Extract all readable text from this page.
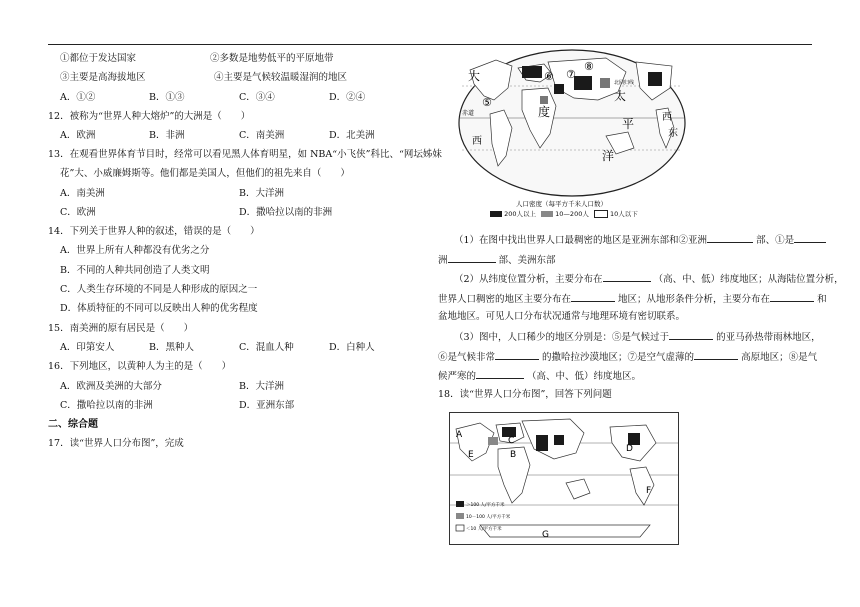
①都位于发达国家	②多数是地势低平的平原地带
③主要是高海拔地区	④主要是气候较温暖湿润的地区
A．①②	B．①③	C．③④	D．②④
12．被称为“世界人种大熔炉”的大洲是（　　）
A．欧洲	B．非洲	C．南美洲	D．北美洲
13．在观看世界体育节目时，经常可以看见黑人体育明星，如 NBA“小飞侠”科比、“网坛姊妹
花”大、小威廉姆斯等。他们都是美国人，但他们的祖先来自（　　）
A．南美洲	B．大洋洲
C．欧洲	D．撒哈拉以南的非洲
14．下列关于世界人种的叙述，错误的是（　　）
A．世界上所有人种都没有优劣之分
B．不同的人种共同创造了人类文明
C．人类生存环境的不同是人种形成的原因之一
D．体质特征的不同可以反映出人种的优劣程度
15．南美洲的原有居民是（　　）
A．印第安人	B．黑种人	C．混血人种	D．白种人
16．下列地区，以黄种人为主的是（　　）
A．欧洲及美洲的大部分	B．大洋洲
C．撒哈拉以南的非洲	D．亚洲东部
二、综合题
17．读“世界人口分布图”，完成
大
⑤
⑥ ⑦
⑧
太
平
洋
度
赤道
北回归线
西
西
东
人口密度（每平方千米人口数）
200人以上	10—200人	10人以下
（1）在图中找出世界人口最稠密的地区是亚洲东部和②亚洲	部、①是
洲	部、美洲东部
（2）从纬度位置分析，主要分布在	（高、中、低）纬度地区；从海陆位置分析，
世界人口稠密的地区主要分布在	地区；从地形条件分析，主要分布在	和
盆地地区。可见人口分布状况通常与地理环境有密切联系。
（3）图中，人口稀少的地区分别是：⑤是气候过于	的亚马孙热带雨林地区，
⑥是气候非常	的撒哈拉沙漠地区；⑦是空气虚薄的	高原地区；⑧是气
候严寒的	（高、中、低）纬度地区。
18．读“世界人口分布图”，回答下列问题
＞100 人/平方千米
10－100 人/平方千米
＜10 人/平方千米
A
B
C
D
E
F
G
